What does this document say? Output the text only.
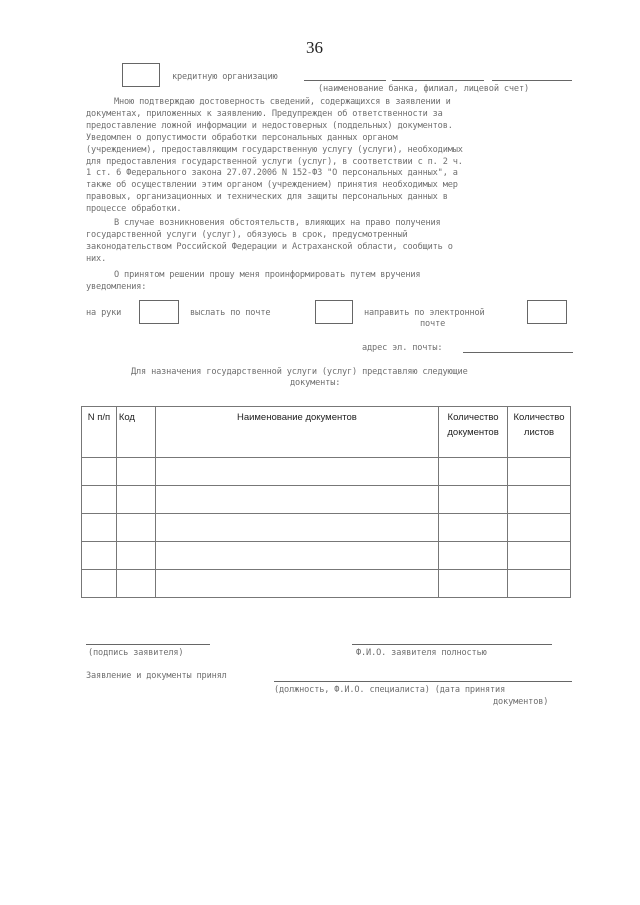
36
кредитную организацию
(наименование банка, филиал, лицевой счет)
Мною подтверждаю достоверность сведений, содержащихся в заявлении и
документах, приложенных к заявлению. Предупрежден об ответственности за
предоставление ложной информации и недостоверных (поддельных) документов.
Уведомлен о допустимости обработки персональных данных органом
(учреждением), предоставляющим государственную услугу (услуги), необходимых
для предоставления государственной услуги (услуг), в соответствии с п. 2 ч.
1 ст. 6 Федерального закона 27.07.2006 N 152-ФЗ "О персональных данных", а
также об осуществлении этим органом (учреждением) принятия необходимых мер
правовых, организационных и технических для защиты персональных данных в
процессе обработки.
В случае возникновения обстоятельств, влияющих на право получения
государственной услуги (услуг), обязуюсь в срок, предусмотренный
законодательством Российской Федерации и Астраханской области, сообщить о
них.
О принятом решении прошу меня проинформировать путем вручения
уведомления:
на руки	выслать по почте	направить по электронной
почте
адрес эл. почты:
Для назначения государственной услуги (услуг) представляю следующие
документы:
N п/п	Код	Наименование документов	Количество документов	Количество листов

(подпись заявителя)	Ф.И.О. заявителя полностью
Заявление и документы принял
(должность, Ф.И.О. специалиста) (дата принятия
документов)
